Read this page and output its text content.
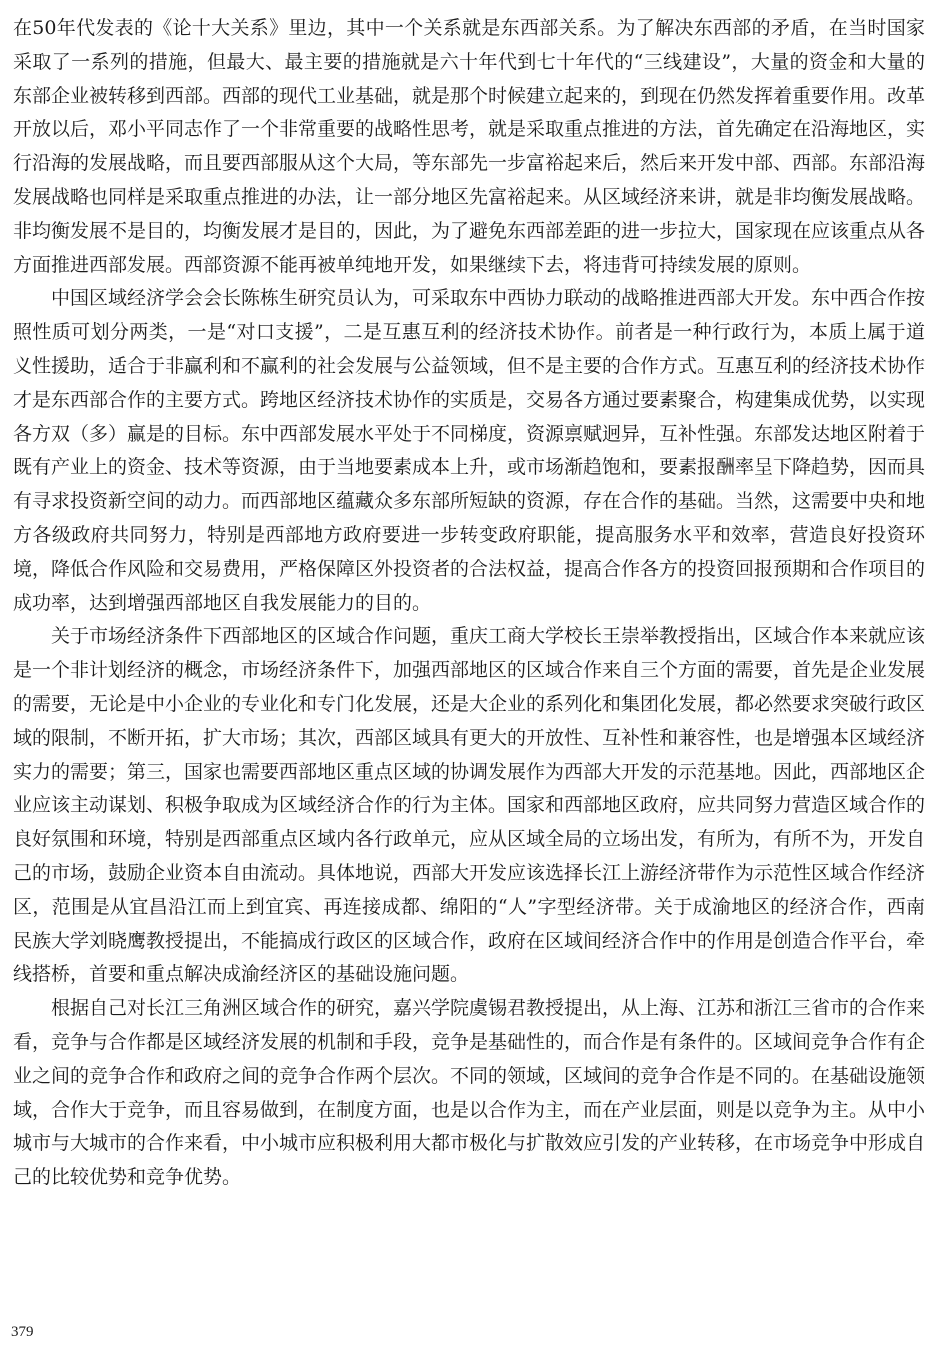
在50年代发表的《论十大关系》里边，其中一个关系就是东西部关系。为了解决东西部的矛盾，在当时国家采取了一系列的措施，但最大、最主要的措施就是六十年代到七十年代的“三线建设”，大量的资金和大量的东部企业被转移到西部。西部的现代工业基础，就是那个时候建立起来的，到现在仍然发挥着重要作用。改革开放以后，邓小平同志作了一个非常重要的战略性思考，就是采取重点推进的方法，首先确定在沿海地区，实行沿海的发展战略，而且要西部服从这个大局，等东部先一步富裕起来后，然后来开发中部、西部。东部沿海发展战略也同样是采取重点推进的办法，让一部分地区先富裕起来。从区域经济来讲，就是非均衡发展战略。非均衡发展不是目的，均衡发展才是目的，因此，为了避免东西部差距的进一步拉大，国家现在应该重点从各方面推进西部发展。西部资源不能再被单纯地开发，如果继续下去，将违背可持续发展的原则。

中国区域经济学会会长陈栋生研究员认为，可采取东中西协力联动的战略推进西部大开发。东中西合作按照性质可划分两类，一是“对口支援”，二是互惠互利的经济技术协作。前者是一种行政行为，本质上属于道义性援助，适合于非赢利和不赢利的社会发展与公益领域，但不是主要的合作方式。互惠互利的经济技术协作才是东西部合作的主要方式。跨地区经济技术协作的实质是，交易各方通过要素聚合，构建集成优势，以实现各方双（多）赢是的目标。东中西部发展水平处于不同梯度，资源禀赋迥异，互补性强。东部发达地区附着于既有产业上的资金、技术等资源，由于当地要素成本上升，或市场渐趋饱和，要素报酬率呈下降趋势，因而具有寻求投资新空间的动力。而西部地区蕴藏众多东部所短缺的资源，存在合作的基础。当然，这需要中央和地方各级政府共同努力，特别是西部地方政府要进一步转变政府职能，提高服务水平和效率，营造良好投资环境，降低合作风险和交易费用，严格保障区外投资者的合法权益，提高合作各方的投资回报预期和合作项目的成功率，达到增强西部地区自我发展能力的目的。

关于市场经济条件下西部地区的区域合作问题，重庆工商大学校长王崇举教授指出，区域合作本来就应该是一个非计划经济的概念，市场经济条件下，加强西部地区的区域合作来自三个方面的需要，首先是企业发展的需要，无论是中小企业的专业化和专门化发展，还是大企业的系列化和集团化发展，都必然要求突破行政区域的限制，不断开拓，扩大市场；其次，西部区域具有更大的开放性、互补性和兼容性，也是增强本区域经济实力的需要；第三，国家也需要西部地区重点区域的协调发展作为西部大开发的示范基地。因此，西部地区企业应该主动谋划、积极争取成为区域经济合作的行为主体。国家和西部地区政府，应共同努力营造区域合作的良好氛围和环境，特别是西部重点区域内各行政单元，应从区域全局的立场出发，有所为，有所不为，开发自己的市场，鼓励企业资本自由流动。具体地说，西部大开发应该选择长江上游经济带作为示范性区域合作经济区，范围是从宜昌沿江而上到宜宾、再连接成都、绵阳的“人”字型经济带。关于成渝地区的经济合作，西南民族大学刘晓鹰教授提出，不能搞成行政区的区域合作，政府在区域间经济合作中的作用是创造合作平台，牵线搭桥，首要和重点解决成渝经济区的基础设施问题。

根据自己对长江三角洲区域合作的研究，嘉兴学院虞锡君教授提出，从上海、江苏和浙江三省市的合作来看，竞争与合作都是区域经济发展的机制和手段，竞争是基础性的，而合作是有条件的。区域间竞争合作有企业之间的竞争合作和政府之间的竞争合作两个层次。不同的领域，区域间的竞争合作是不同的。在基础设施领域，合作大于竞争，而且容易做到，在制度方面，也是以合作为主，而在产业层面，则是以竞争为主。从中小城市与大城市的合作来看，中小城市应积极利用大都市极化与扩散效应引发的产业转移，在市场竞争中形成自己的比较优势和竞争优势。

379
